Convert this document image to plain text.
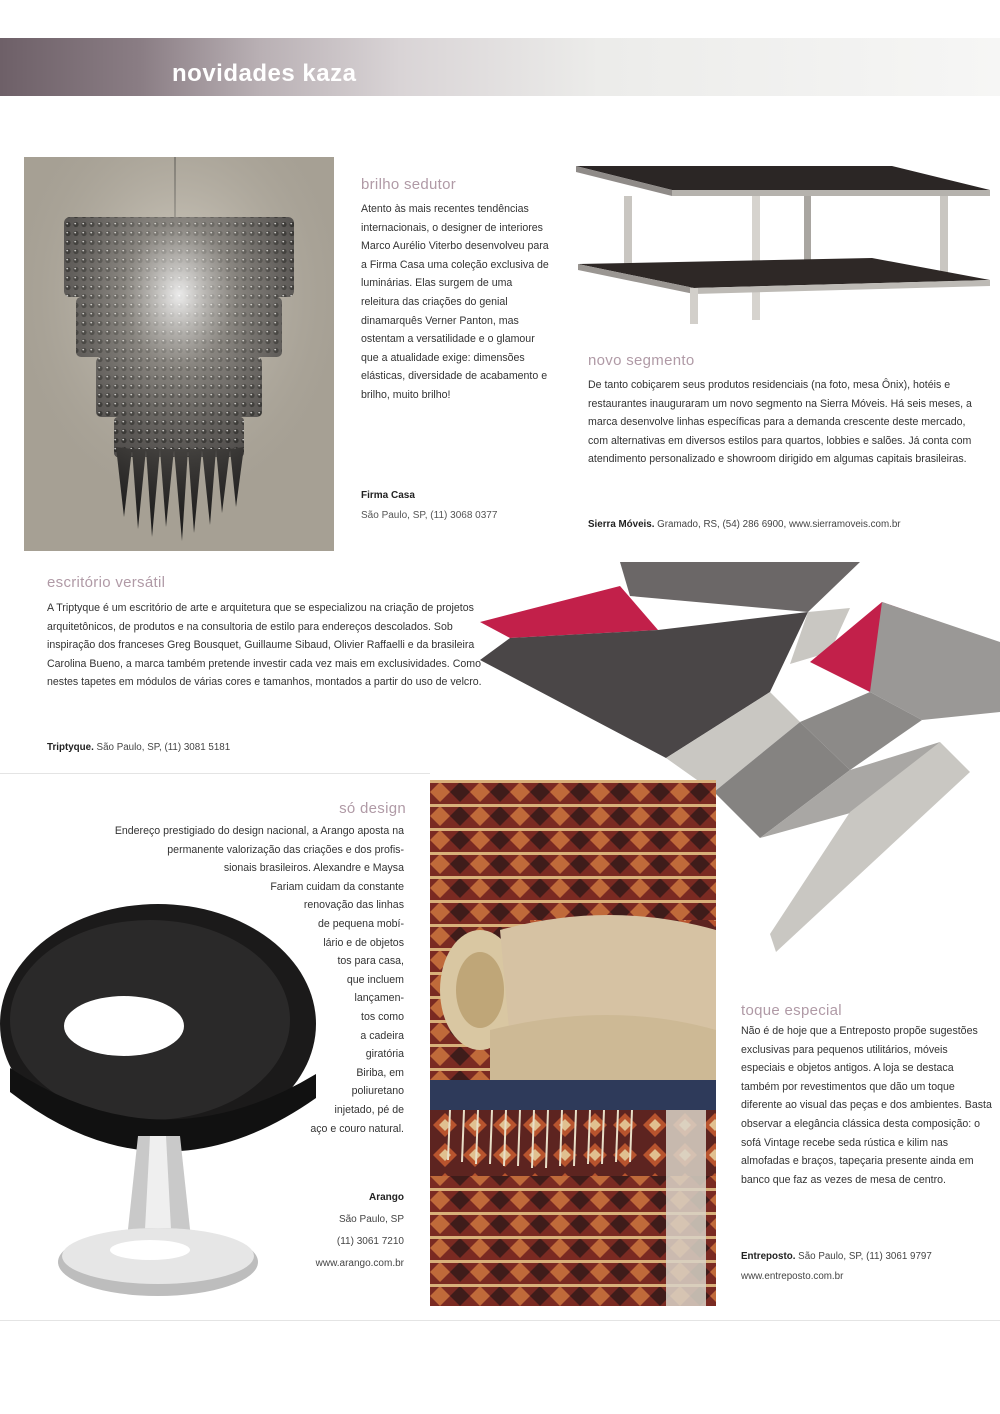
novidades kaza
brilho sedutor
Atento às mais recentes tendências internacionais, o designer de interiores Marco Aurélio Viterbo desenvolveu para a Firma Casa uma coleção exclusiva de luminárias. Elas surgem de uma releitura das criações do genial dinamarquês Verner Panton, mas ostentam a versatilidade e o glamour que a atualidade exige: dimensões elásticas, diversidade de acabamento e brilho, muito brilho!
Firma Casa
São Paulo, SP, (11) 3068 0377
novo segmento
De tanto cobiçarem seus produtos residenciais (na foto, mesa Ônix), hotéis e restaurantes inauguraram um novo segmento na Sierra Móveis. Há seis meses, a marca desenvolve linhas específicas para a demanda crescente deste mercado, com alternativas em diversos estilos para quartos, lobbies e salões. Já conta com atendimento personalizado e showroom dirigido em algumas capitais brasileiras.
Sierra Móveis. Gramado, RS, (54) 286 6900, www.sierramoveis.com.br
escritório versátil
A Triptyque é um escritório de arte e arquitetura que se especializou na criação de projetos arquitetônicos, de produtos e na consultoria de estilo para endereços descolados. Sob inspiração dos franceses Greg Bousquet, Guillaume Sibaud, Olivier Raffaelli e da brasileira Carolina Bueno, a marca também pretende investir cada vez mais em exclusividades. Como nestes tapetes em módulos de várias cores e tamanhos, montados a partir do uso de velcro.
Triptyque. São Paulo, SP, (11) 3081 5181
só design
Endereço prestigiado do design nacional, a Arango aposta na
permanente valorização das criações e dos profis-
sionais brasileiros. Alexandre e Maysa
Fariam cuidam da constante
renovação das linhas
de pequena mobí-
lário e de objetos
tos para casa,
que incluem
lançamen-
tos como
a cadeira
giratória
Biriba, em
poliuretano
injetado, pé de
aço e couro natural.
Arango
São Paulo, SP
(11) 3061 7210
www.arango.com.br
toque especial
Não é de hoje que a Entreposto propõe sugestões exclusivas para pequenos utilitários, móveis especiais e objetos antigos. A loja se destaca também por revestimentos que dão um toque diferente ao visual das peças e dos ambientes. Basta observar a elegância clássica desta composição: o sofá Vintage recebe seda rústica e kilim nas almofadas e braços, tapeçaria presente ainda em banco que faz as vezes de mesa de centro.
Entreposto. São Paulo, SP, (11) 3061 9797
www.entreposto.com.br
